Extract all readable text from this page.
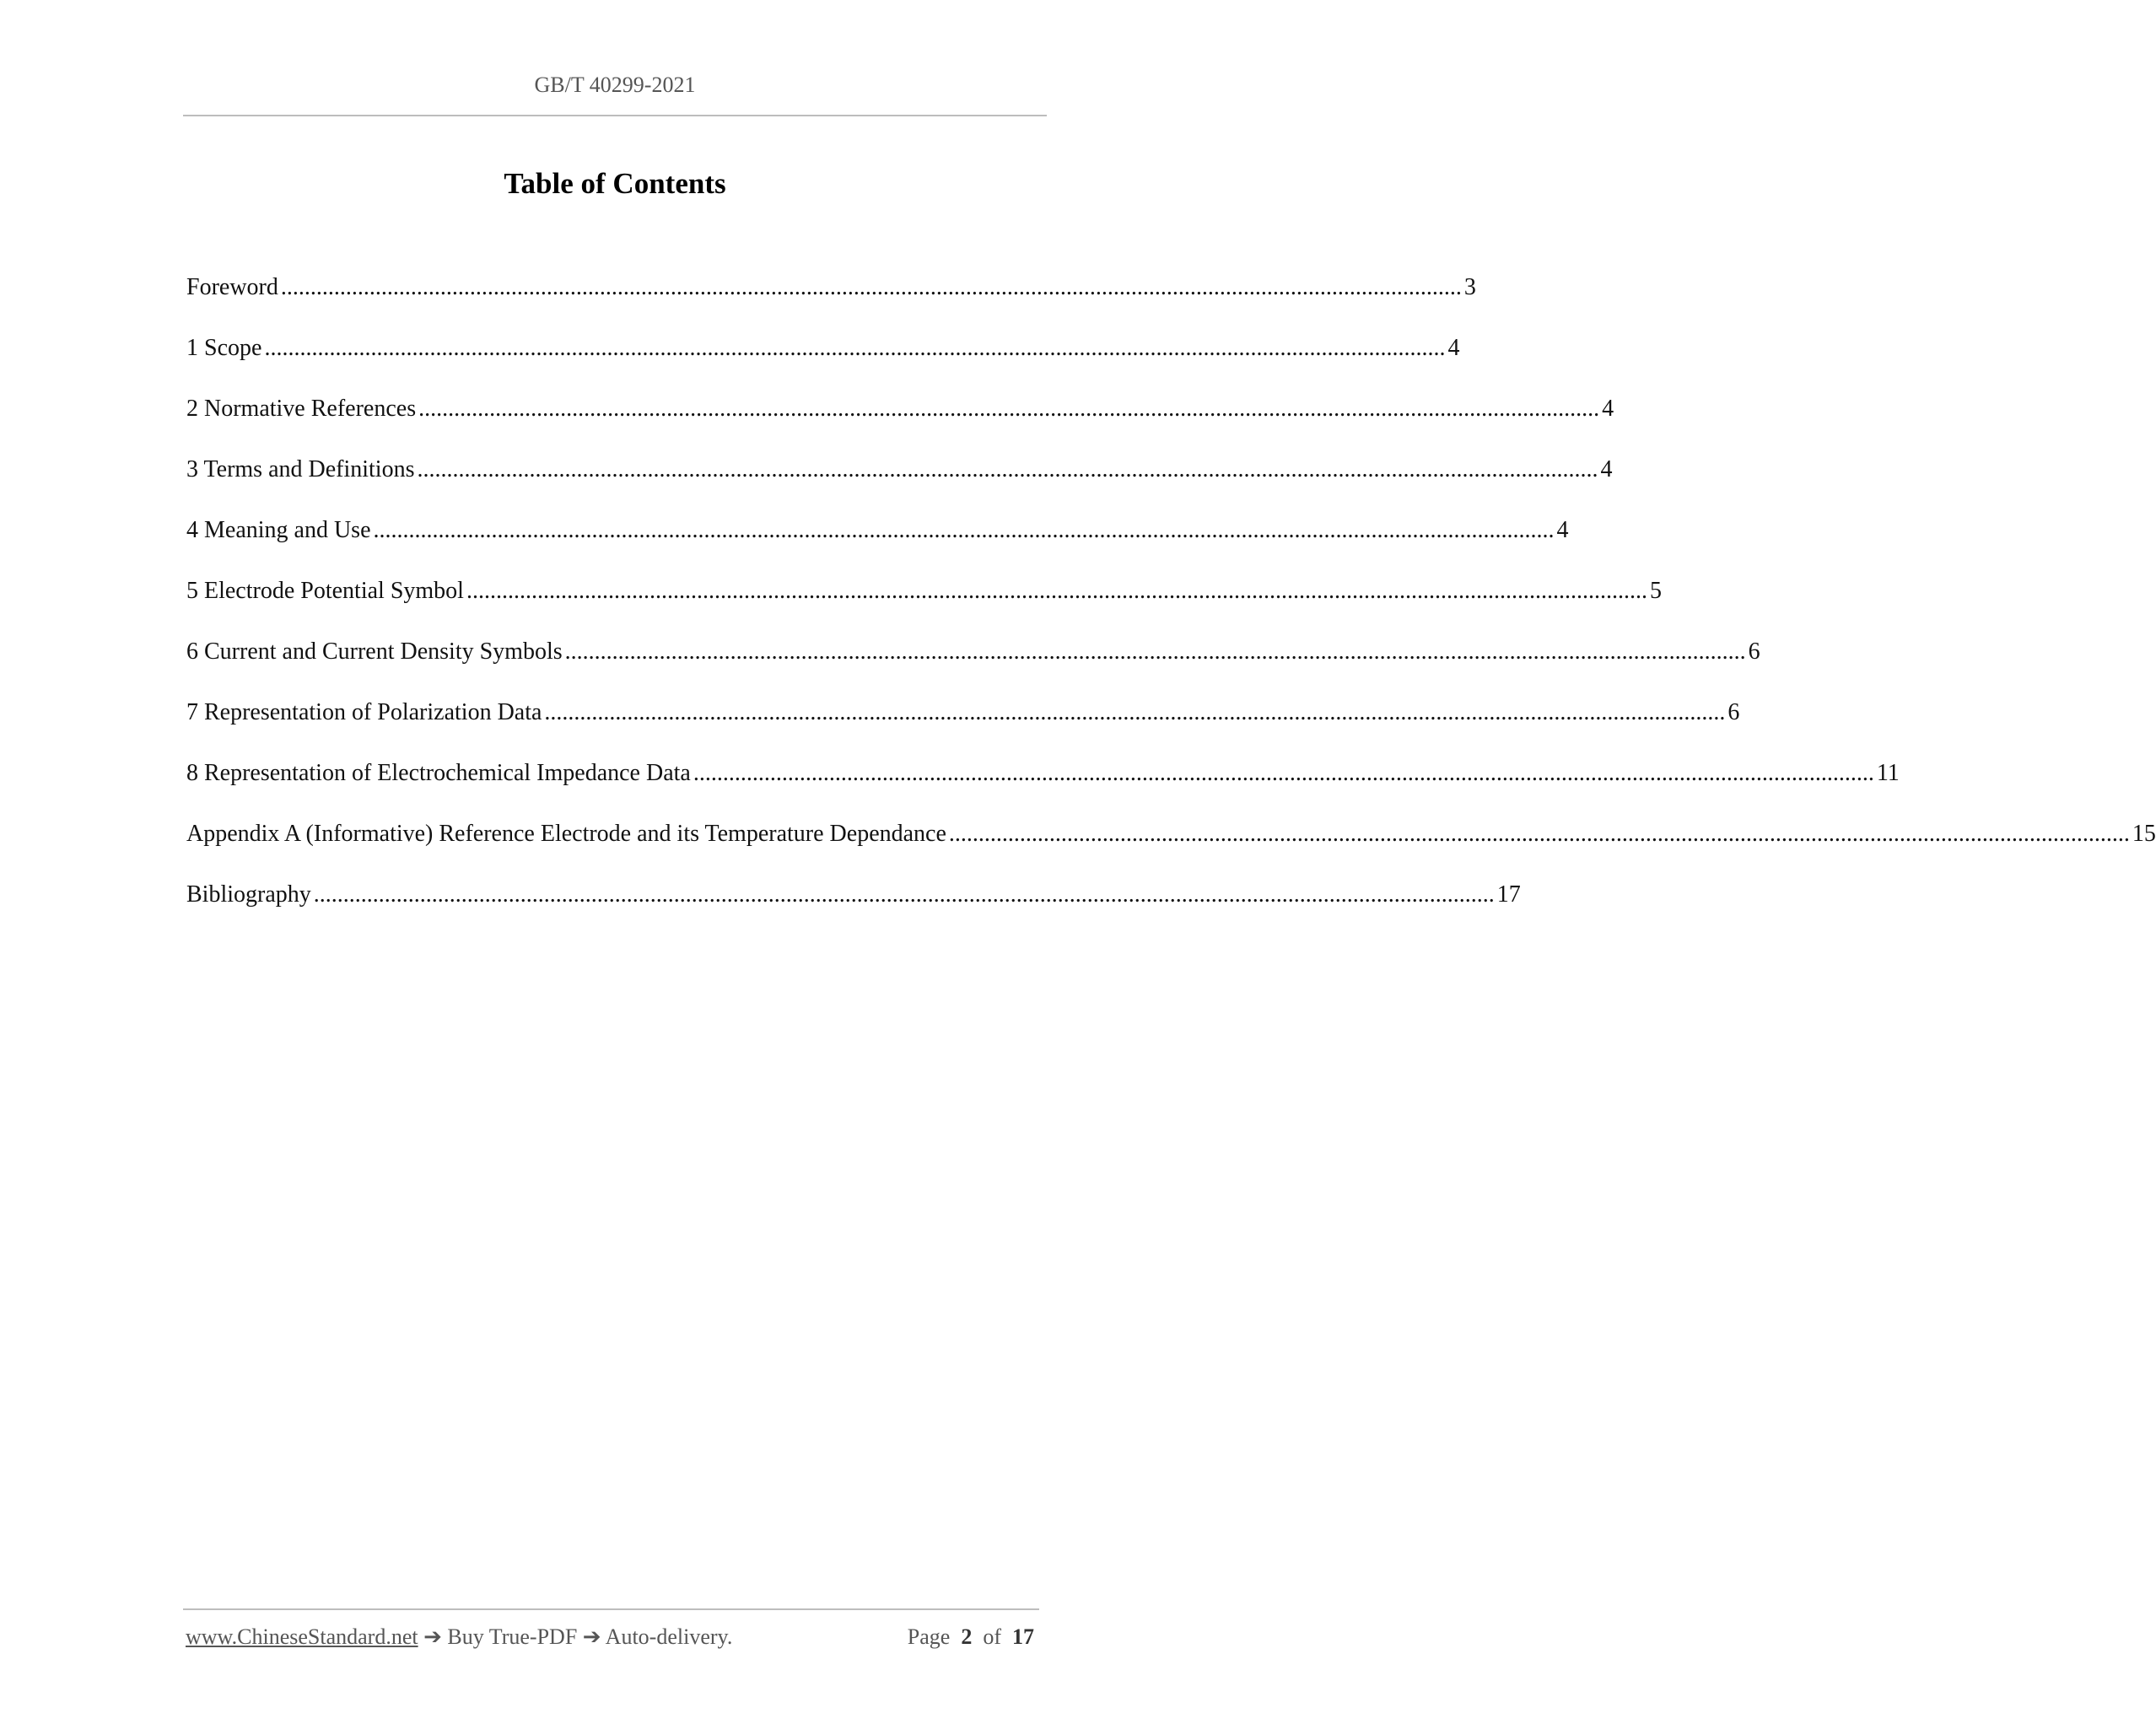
GB/T 40299-2021
Table of Contents
Foreword ........................................................................................................................................................................................................ 3
1 Scope ........................................................................................................................................................................................................ 4
2 Normative References ........................................................................................................................................................................................................ 4
3 Terms and Definitions ........................................................................................................................................................................................................ 4
4 Meaning and Use ........................................................................................................................................................................................................ 4
5 Electrode Potential Symbol ........................................................................................................................................................................................................ 5
6 Current and Current Density Symbols ........................................................................................................................................................................................................ 6
7 Representation of Polarization Data ........................................................................................................................................................................................................ 6
8 Representation of Electrochemical Impedance Data ........................................................................................................................................................................................................ 11
Appendix A (Informative) Reference Electrode and its Temperature Dependance ........................................................................................................................................................................................................ 15
Bibliography ........................................................................................................................................................................................................ 17
www.ChineseStandard.net ➔ Buy True-PDF ➔ Auto-delivery.	Page 2 of 17
